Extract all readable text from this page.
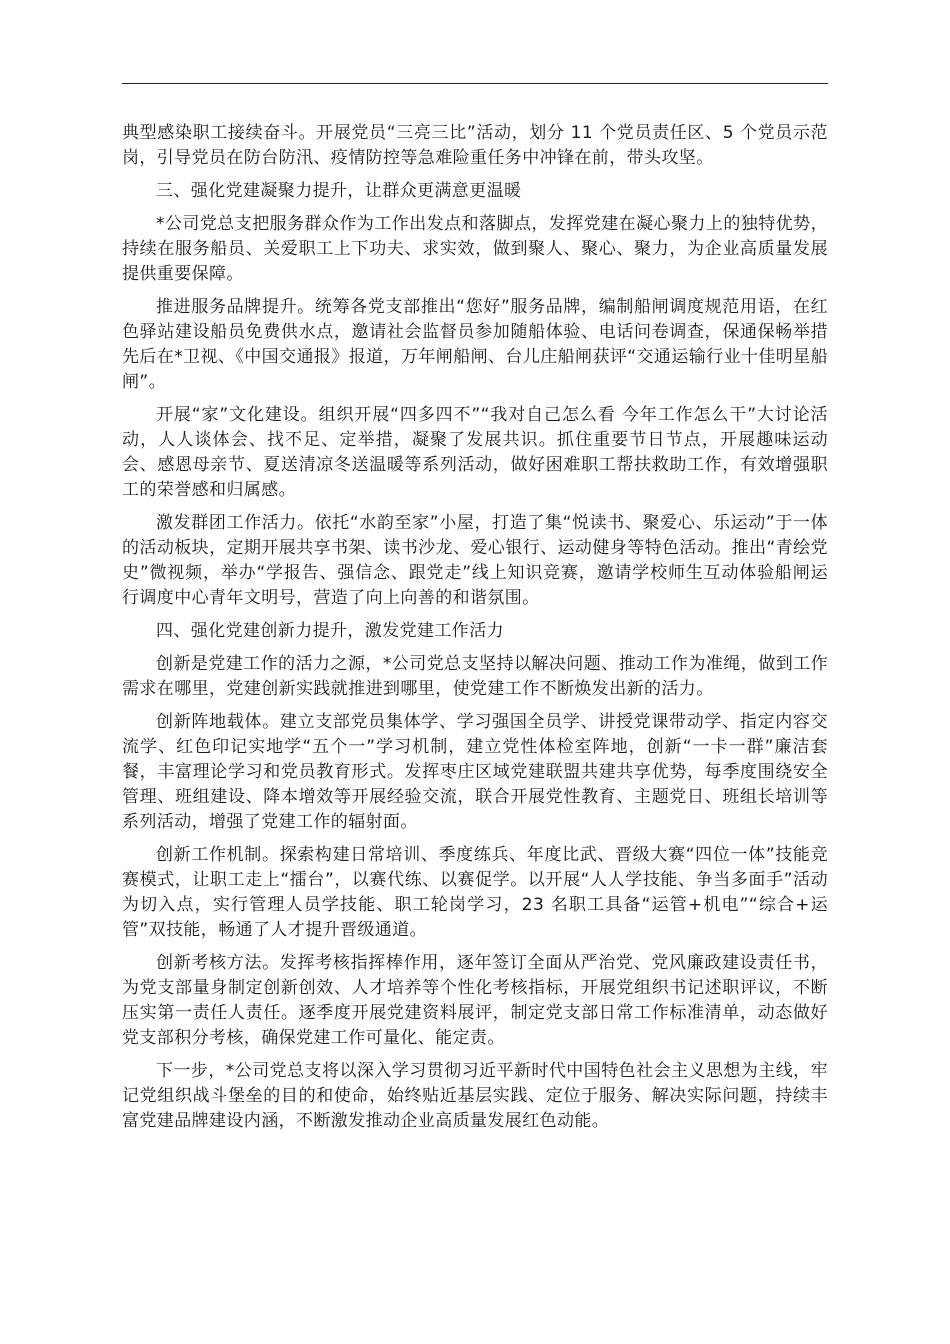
典型感染职工接续奋斗。开展党员“三亮三比”活动，划分 11 个党员责任区、5 个党员示范岗，引导党员在防台防汛、疫情防控等急难险重任务中冲锋在前，带头攻坚。

三、强化党建凝聚力提升，让群众更满意更温暖

*公司党总支把服务群众作为工作出发点和落脚点，发挥党建在凝心聚力上的独特优势，持续在服务船员、关爱职工上下功夫、求实效，做到聚人、聚心、聚力，为企业高质量发展提供重要保障。

推进服务品牌提升。统筹各党支部推出“您好”服务品牌，编制船闸调度规范用语，在红色驿站建设船员免费供水点，邀请社会监督员参加随船体验、电话问卷调查，保通保畅举措先后在*卫视、《中国交通报》报道，万年闸船闸、台儿庄船闸获评“交通运输行业十佳明星船闸”。

开展“家”文化建设。组织开展“四多四不”“我对自己怎么看 今年工作怎么干”大讨论活动，人人谈体会、找不足、定举措，凝聚了发展共识。抓住重要节日节点，开展趣味运动会、感恩母亲节、夏送清凉冬送温暖等系列活动，做好困难职工帮扶救助工作，有效增强职工的荣誉感和归属感。

激发群团工作活力。依托“水韵至家”小屋，打造了集“悦读书、聚爱心、乐运动”于一体的活动板块，定期开展共享书架、读书沙龙、爱心银行、运动健身等特色活动。推出“青绘党史”微视频，举办“学报告、强信念、跟党走”线上知识竞赛，邀请学校师生互动体验船闸运行调度中心青年文明号，营造了向上向善的和谐氛围。

四、强化党建创新力提升，激发党建工作活力

创新是党建工作的活力之源，*公司党总支坚持以解决问题、推动工作为准绳，做到工作需求在哪里，党建创新实践就推进到哪里，使党建工作不断焕发出新的活力。

创新阵地载体。建立支部党员集体学、学习强国全员学、讲授党课带动学、指定内容交流学、红色印记实地学“五个一”学习机制，建立党性体检室阵地，创新“一卡一群”廉洁套餐，丰富理论学习和党员教育形式。发挥枣庄区域党建联盟共建共享优势，每季度围绕安全管理、班组建设、降本增效等开展经验交流，联合开展党性教育、主题党日、班组长培训等系列活动，增强了党建工作的辐射面。

创新工作机制。探索构建日常培训、季度练兵、年度比武、晋级大赛“四位一体”技能竞赛模式，让职工走上“擂台”，以赛代练、以赛促学。以开展“人人学技能、争当多面手”活动为切入点，实行管理人员学技能、职工轮岗学习，23 名职工具备“运管+机电”“综合+运管”双技能，畅通了人才提升晋级通道。

创新考核方法。发挥考核指挥棒作用，逐年签订全面从严治党、党风廉政建设责任书，为党支部量身制定创新创效、人才培养等个性化考核指标，开展党组织书记述职评议，不断压实第一责任人责任。逐季度开展党建资料展评，制定党支部日常工作标准清单，动态做好党支部积分考核，确保党建工作可量化、能定责。

下一步，*公司党总支将以深入学习贯彻习近平新时代中国特色社会主义思想为主线，牢记党组织战斗堡垒的目的和使命，始终贴近基层实践、定位于服务、解决实际问题，持续丰富党建品牌建设内涵，不断激发推动企业高质量发展红色动能。
